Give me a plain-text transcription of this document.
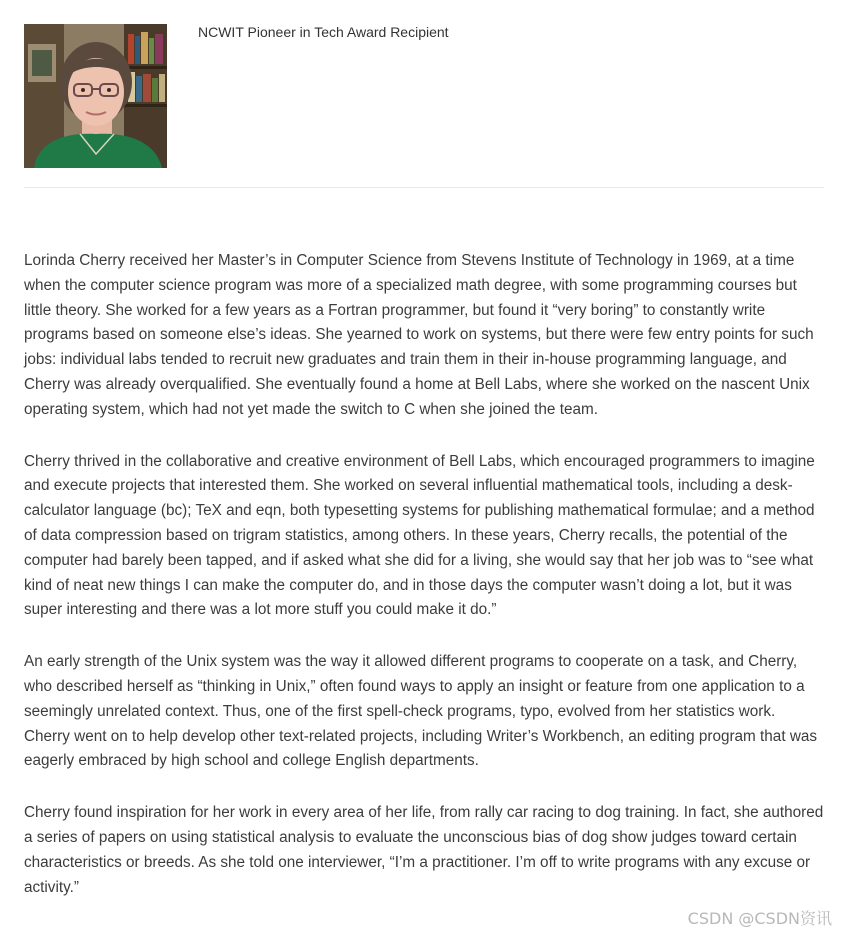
NCWIT Pioneer in Tech Award Recipient

Lorinda Cherry received her Master’s in Computer Science from Stevens Institute of Technology in 1969, at a time when the computer science program was more of a specialized math degree, with some programming courses but little theory. She worked for a few years as a Fortran programmer, but found it “very boring” to constantly write programs based on someone else’s ideas. She yearned to work on systems, but there were few entry points for such jobs: individual labs tended to recruit new graduates and train them in their in-house programming language, and Cherry was already overqualified. She eventually found a home at Bell Labs, where she worked on the nascent Unix operating system, which had not yet made the switch to C when she joined the team.

Cherry thrived in the collaborative and creative environment of Bell Labs, which encouraged programmers to imagine and execute projects that interested them. She worked on several influential mathematical tools, including a desk-calculator language (bc); TeX and eqn, both typesetting systems for publishing mathematical formulae; and a method of data compression based on trigram statistics, among others. In these years, Cherry recalls, the potential of the computer had barely been tapped, and if asked what she did for a living, she would say that her job was to “see what kind of neat new things I can make the computer do, and in those days the computer wasn’t doing a lot, but it was super interesting and there was a lot more stuff you could make it do.”

An early strength of the Unix system was the way it allowed different programs to cooperate on a task, and Cherry, who described herself as “thinking in Unix,” often found ways to apply an insight or feature from one application to a seemingly unrelated context. Thus, one of the first spell-check programs, typo, evolved from her statistics work. Cherry went on to help develop other text-related projects, including Writer’s Workbench, an editing program that was eagerly embraced by high school and college English departments.

Cherry found inspiration for her work in every area of her life, from rally car racing to dog training. In fact, she authored a series of papers on using statistical analysis to evaluate the unconscious bias of dog show judges toward certain characteristics or breeds. As she told one interviewer, “I’m a practitioner. I’m off to write programs with any excuse or activity.”

CSDN @CSDN资讯
